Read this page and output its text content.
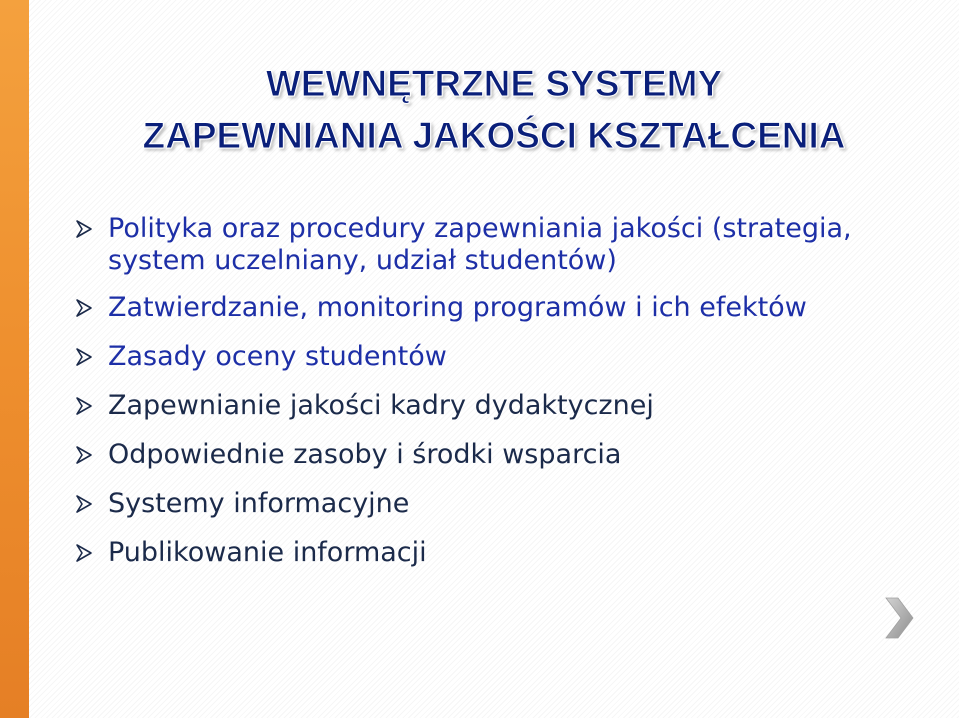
WEWNĘTRZNE SYSTEMY
ZAPEWNIANIA JAKOŚCI KSZTAŁCENIA
Polityka oraz procedury zapewniania jakości (strategia, system uczelniany, udział studentów)
Zatwierdzanie, monitoring programów i ich efektów
Zasady oceny studentów
Zapewnianie jakości kadry dydaktycznej
Odpowiednie zasoby i środki wsparcia
Systemy informacyjne
Publikowanie informacji
